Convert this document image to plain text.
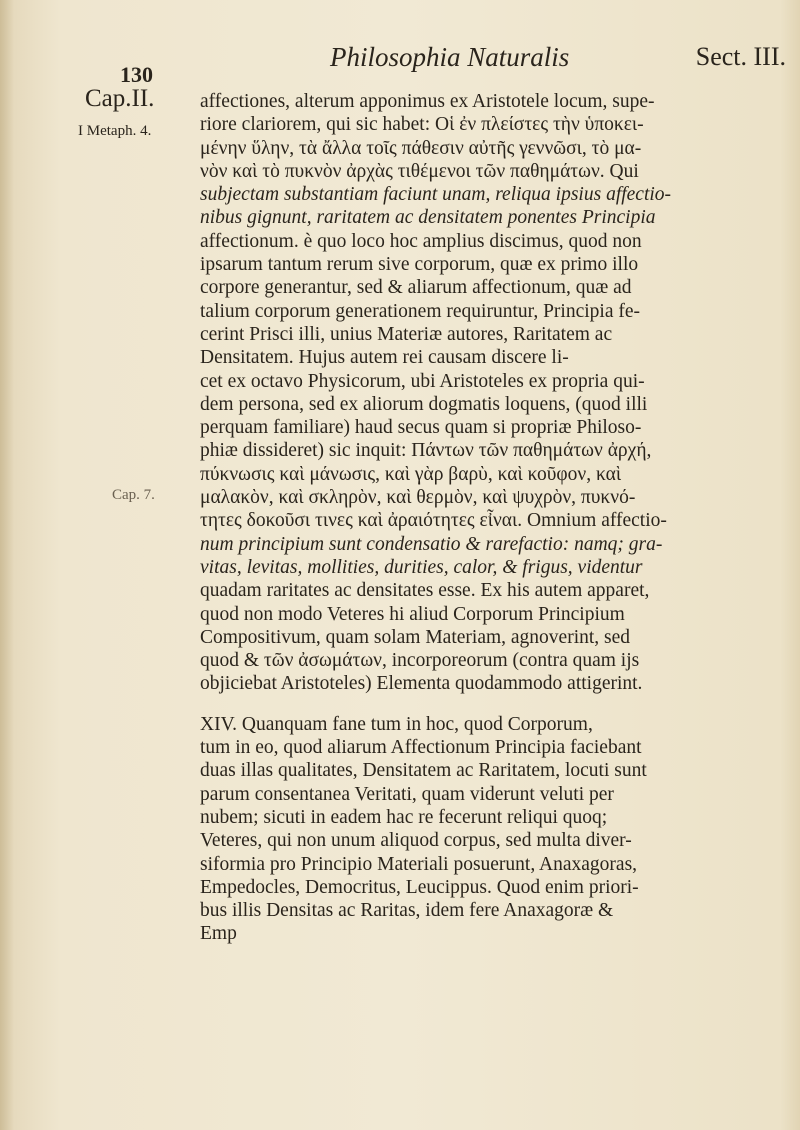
130
Philosophia Naturalis	Sect. III.
Cap.II.
I Metaph. 4.
Cap. 7.
affectiones, alterum apponimus ex Aristotele locum, supe-
riore clariorem, qui sic habet: Οἱ ἐν πλείστες τὴν ὑποκει-
μένην ὕλην, τὰ ἄλλα τοῖς πάθεσιν αὐτῆς γεννῶσι, τὸ μα-
νὸν καὶ τὸ πυκνὸν ἀρχὰς τιθέμενοι τῶν παθημάτων. Qui
subjectam substantiam faciunt unam, reliqua ipsius affectio-
nibus gignunt, raritatem ac densitatem ponentes Principia
affectionum. è quo loco hoc amplius discimus, quod non
ipsarum tantum rerum sive corporum, quæ ex primo illo
corpore generantur, sed & aliarum affectionum, quæ ad
talium corporum generationem requiruntur, Principia fe-
cerint Prisci illi, unius Materiæ autores, Raritatem ac
Densitatem. Hujus autem rei causam discere li-
cet ex octavo Physicorum, ubi Aristoteles ex propria qui-
dem persona, sed ex aliorum dogmatis loquens, (quod illi
perquam familiare) haud secus quam si propriæ Philoso-
phiæ dissideret) sic inquit: Πάντων τῶν παθημάτων ἀρχή,
πύκνωσις καὶ μάνωσις, καὶ γὰρ βαρὺ, καὶ κοῦφον, καὶ
μαλακὸν, καὶ σκληρὸν, καὶ θερμὸν, καὶ ψυχρὸν, πυκνό-
τητες δοκοῦσι τινες καὶ ἀραιότητες εἶναι. Omnium affectio-
num principium sunt condensatio & rarefactio: namq; gra-
vitas, levitas, mollities, durities, calor, & frigus, videntur
quadam raritates ac densitates esse. Ex his autem apparet,
quod non modo Veteres hi aliud Corporum Principium
Compositivum, quam solam Materiam, agnoverint, sed
quod & τῶν ἀσωμάτων, incorporeorum (contra quam ijs
objiciebat Aristoteles) Elementa quodammodo attigerint.
XIV. Quanquam fane tum in hoc, quod Corporum,
tum in eo, quod aliarum Affectionum Principia faciebant
duas illas qualitates, Densitatem ac Raritatem, locuti sunt
parum consentanea Veritati, quam viderunt veluti per
nubem; sicuti in eadem hac re fecerunt reliqui quoq;
Veteres, qui non unum aliquod corpus, sed multa diver-
siformia pro Principio Materiali posuerunt, Anaxagoras,
Empedocles, Democritus, Leucippus. Quod enim priori-
bus illis Densitas ac Raritas, idem fere Anaxagoræ &
Emp
